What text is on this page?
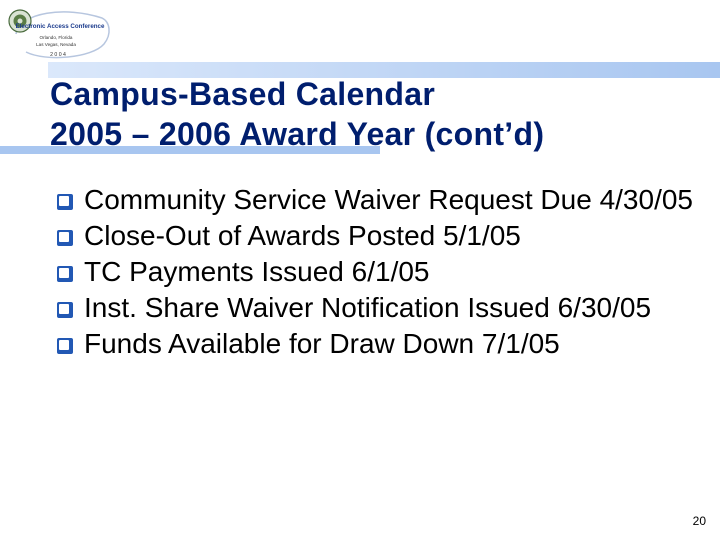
Electronic Access Conference
Orlando, Florida
Las Vegas, Nevada
2 0 0 4
Campus-Based Calendar
2005 – 2006 Award Year (cont’d)
Community Service Waiver Request Due 4/30/05
Close-Out of Awards Posted 5/1/05
TC Payments Issued 6/1/05
Inst. Share Waiver Notification Issued 6/30/05
Funds Available for Draw Down 7/1/05
20
